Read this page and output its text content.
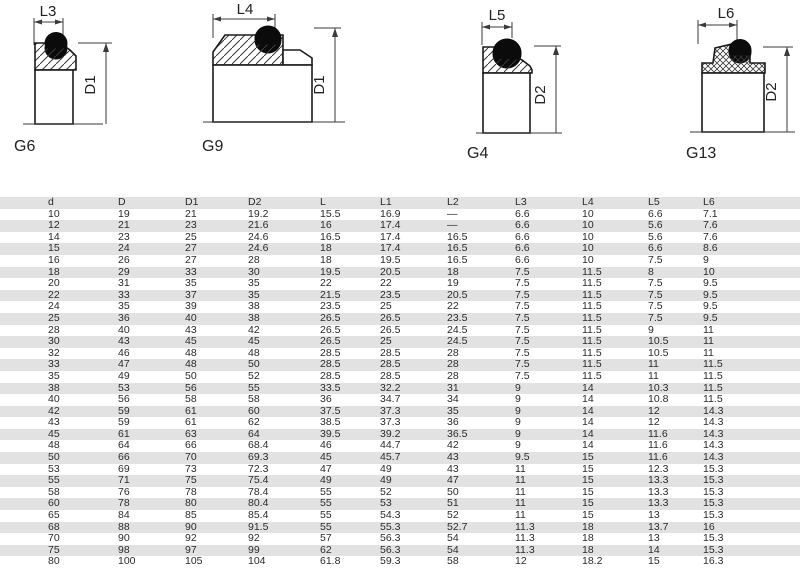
L3
D1
G6
L4
D1
G9
L5
D2
G4
L6
D2
G13
d	D	D1	D2	L	L1	L2	L3	L4	L5	L6
10	19	21	19.2	15.5	16.9	—	6.6	10	6.6	7.1
12	21	23	21.6	16	17.4	—	6.6	10	5.6	7.6
14	23	25	24.6	16.5	17.4	16.5	6.6	10	5.6	7.6
15	24	27	24.6	18	17.4	16.5	6.6	10	6.6	8.6
16	26	27	28	18	19.5	16.5	6.6	10	7.5	9
18	29	33	30	19.5	20.5	18	7.5	11.5	8	10
20	31	35	35	22	22	19	7.5	11.5	7.5	9.5
22	33	37	35	21.5	23.5	20.5	7.5	11.5	7.5	9.5
24	35	39	38	23.5	25	22	7.5	11.5	7.5	9.5
25	36	40	38	26.5	26.5	23.5	7.5	11.5	7.5	9.5
28	40	43	42	26.5	26.5	24.5	7.5	11.5	9	11
30	43	45	45	26.5	25	24.5	7.5	11.5	10.5	11
32	46	48	48	28.5	28.5	28	7.5	11.5	10.5	11
33	47	48	50	28.5	28.5	28	7.5	11.5	11	11.5
35	49	50	52	28.5	28.5	28	7.5	11.5	11	11.5
38	53	56	55	33.5	32.2	31	9	14	10.3	11.5
40	56	58	58	36	34.7	34	9	14	10.8	11.5
42	59	61	60	37.5	37.3	35	9	14	12	14.3
43	59	61	62	38.5	37.3	36	9	14	12	14.3
45	61	63	64	39.5	39.2	36.5	9	14	11.6	14.3
48	64	66	68.4	46	44.7	42	9	14	11.6	14.3
50	66	70	69.3	45	45.7	43	9.5	15	11.6	14.3
53	69	73	72.3	47	49	43	11	15	12.3	15.3
55	71	75	75.4	49	49	47	11	15	13.3	15.3
58	76	78	78.4	55	52	50	11	15	13.3	15.3
60	78	80	80.4	55	53	51	11	15	13.3	15.3
65	84	85	85.4	55	54.3	52	11	15	13	15.3
68	88	90	91.5	55	55.3	52.7	11.3	18	13.7	16
70	90	92	92	57	56.3	54	11.3	18	13	15.3
75	98	97	99	62	56.3	54	11.3	18	14	15.3
80	100	105	104	61.8	59.3	58	12	18.2	15	16.3
